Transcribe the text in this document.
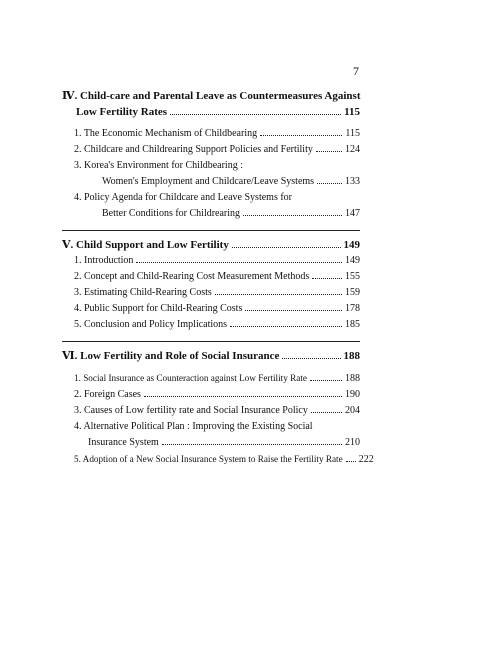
7
Ⅳ. Child-care and Parental Leave as Countermeasures Against
Low Fertility Rates	115
1. The Economic Mechanism of Childbearing	115
2. Childcare and Childrearing Support Policies and Fertility	124
3. Korea's Environment for Childbearing :
Women's Employment and Childcare/Leave Systems	133
4. Policy Agenda for Childcare and Leave Systems for
Better Conditions for Childrearing	147
Ⅴ. Child Support and Low Fertility	149
1. Introduction	149
2. Concept and Child-Rearing Cost Measurement Methods	155
3. Estimating Child-Rearing Costs	159
4. Public Support for Child-Rearing Costs	178
5. Conclusion and Policy Implications	185
Ⅵ. Low Fertility and Role of Social Insurance	188
1. Social Insurance as Counteraction against Low Fertility Rate	188
2. Foreign Cases	190
3. Causes of Low fertility rate and Social Insurance Policy	204
4. Alternative Political Plan : Improving the Existing Social
Insurance System	210
5. Adoption of a New Social Insurance System to Raise the Fertility Rate 222
